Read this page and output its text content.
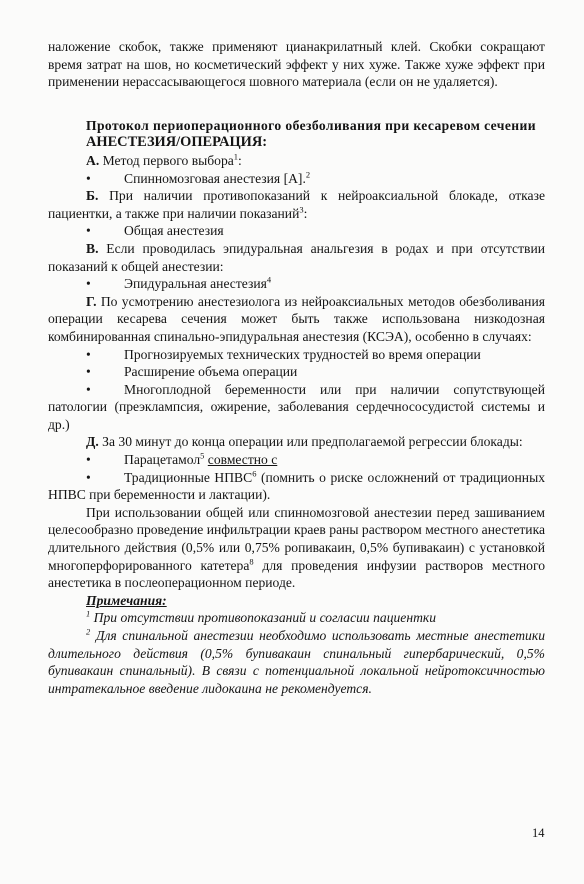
наложение скобок, также применяют цианакрилатный клей. Скобки сокращают время затрат на шов, но косметический эффект у них хуже. Также хуже эффект при применении нерассасывающегося шовного материала (если он не удаляется).

Протокол периоперационного обезболивания при кесаревом сечении

АНЕСТЕЗИЯ/ОПЕРАЦИЯ:

А. Метод первого выбора$^1$:

• Спинномозговая анестезия [А].$^2$

Б. При наличии противопоказаний к нейроаксиальной блокаде, отказе пациентки, а также при наличии показаний$^3$:

• Общая анестезия

В. Если проводилась эпидуральная анальгезия в родах и при отсутствии показаний к общей анестезии:

• Эпидуральная анестезия$^4$

Г. По усмотрению анестезиолога из нейроаксиальных методов обезболивания операции кесарева сечения может быть также использована низкодозная комбинированная спинально-эпидуральная анестезия (КСЭА), особенно в случаях:

• Прогнозируемых технических трудностей во время операции

• Расширение объема операции

• Многоплодной беременности или при наличии сопутствующей патологии (преэклампсия, ожирение, заболевания сердечнососудистой системы и др.)

Д. За 30 минут до конца операции или предполагаемой регрессии блокады:

• Парацетамол$^5$ совместно с

• Традиционные НПВС$^6$ (помнить о риске осложнений от традиционных НПВС при беременности и лактации).

При использовании общей или спинномозговой анестезии перед зашиванием целесообразно проведение инфильтрации краев раны раствором местного анестетика длительного действия (0,5% или 0,75% ропивакаин, 0,5% бупивакаин) с установкой многоперфорированного катетера$^8$ для проведения инфузии растворов местного анестетика в послеоперационном периоде.

Примечания:

$^1$ При отсутствии противопоказаний и согласии пациентки

$^2$ Для спинальной анестезии необходимо использовать местные анестетики длительного действия (0,5% бупивакаин спинальный гипербарический, 0,5% бупивакаин спинальный). В связи с потенциальной локальной нейротоксичностью интратекальное введение лидокаина не рекомендуется.

14
